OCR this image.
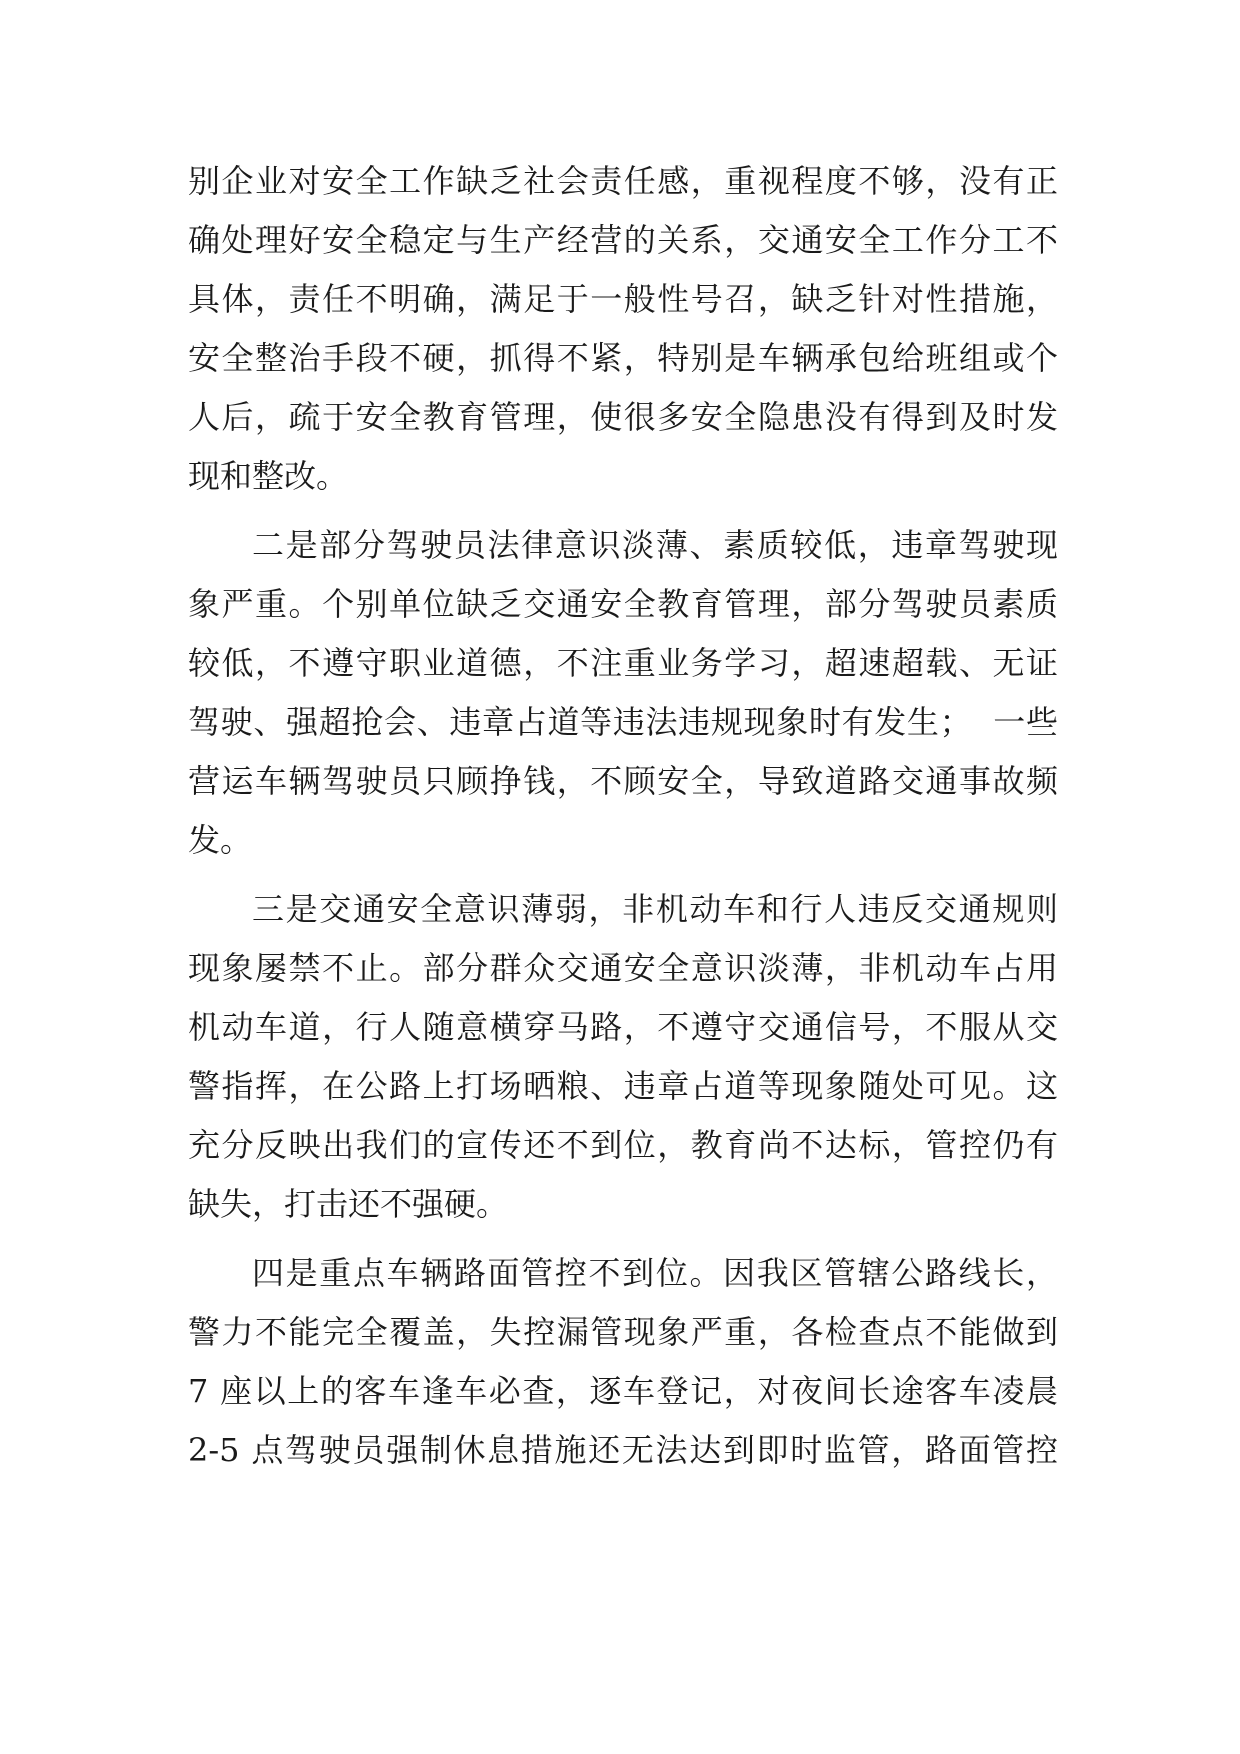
别企业对安全工作缺乏社会责任感，重视程度不够，没有正
确处理好安全稳定与生产经营的关系，交通安全工作分工不
具体，责任不明确，满足于一般性号召，缺乏针对性措施，
安全整治手段不硬，抓得不紧，特别是车辆承包给班组或个
人后，疏于安全教育管理，使很多安全隐患没有得到及时发
现和整改。
二是部分驾驶员法律意识淡薄、素质较低，违章驾驶现
象严重。个别单位缺乏交通安全教育管理，部分驾驶员素质
较低，不遵守职业道德，不注重业务学习，超速超载、无证
驾驶、强超抢会、违章占道等违法违规现象时有发生；  一些
营运车辆驾驶员只顾挣钱，不顾安全，导致道路交通事故频
发。
三是交通安全意识薄弱，非机动车和行人违反交通规则
现象屡禁不止。部分群众交通安全意识淡薄，非机动车占用
机动车道，行人随意横穿马路，不遵守交通信号，不服从交
警指挥，在公路上打场晒粮、违章占道等现象随处可见。这
充分反映出我们的宣传还不到位，教育尚不达标，管控仍有
缺失，打击还不强硬。
四是重点车辆路面管控不到位。因我区管辖公路线长，
警力不能完全覆盖，失控漏管现象严重，各检查点不能做到
7 座以上的客车逢车必查，逐车登记，对夜间长途客车凌晨
2-5 点驾驶员强制休息措施还无法达到即时监管，路面管控
